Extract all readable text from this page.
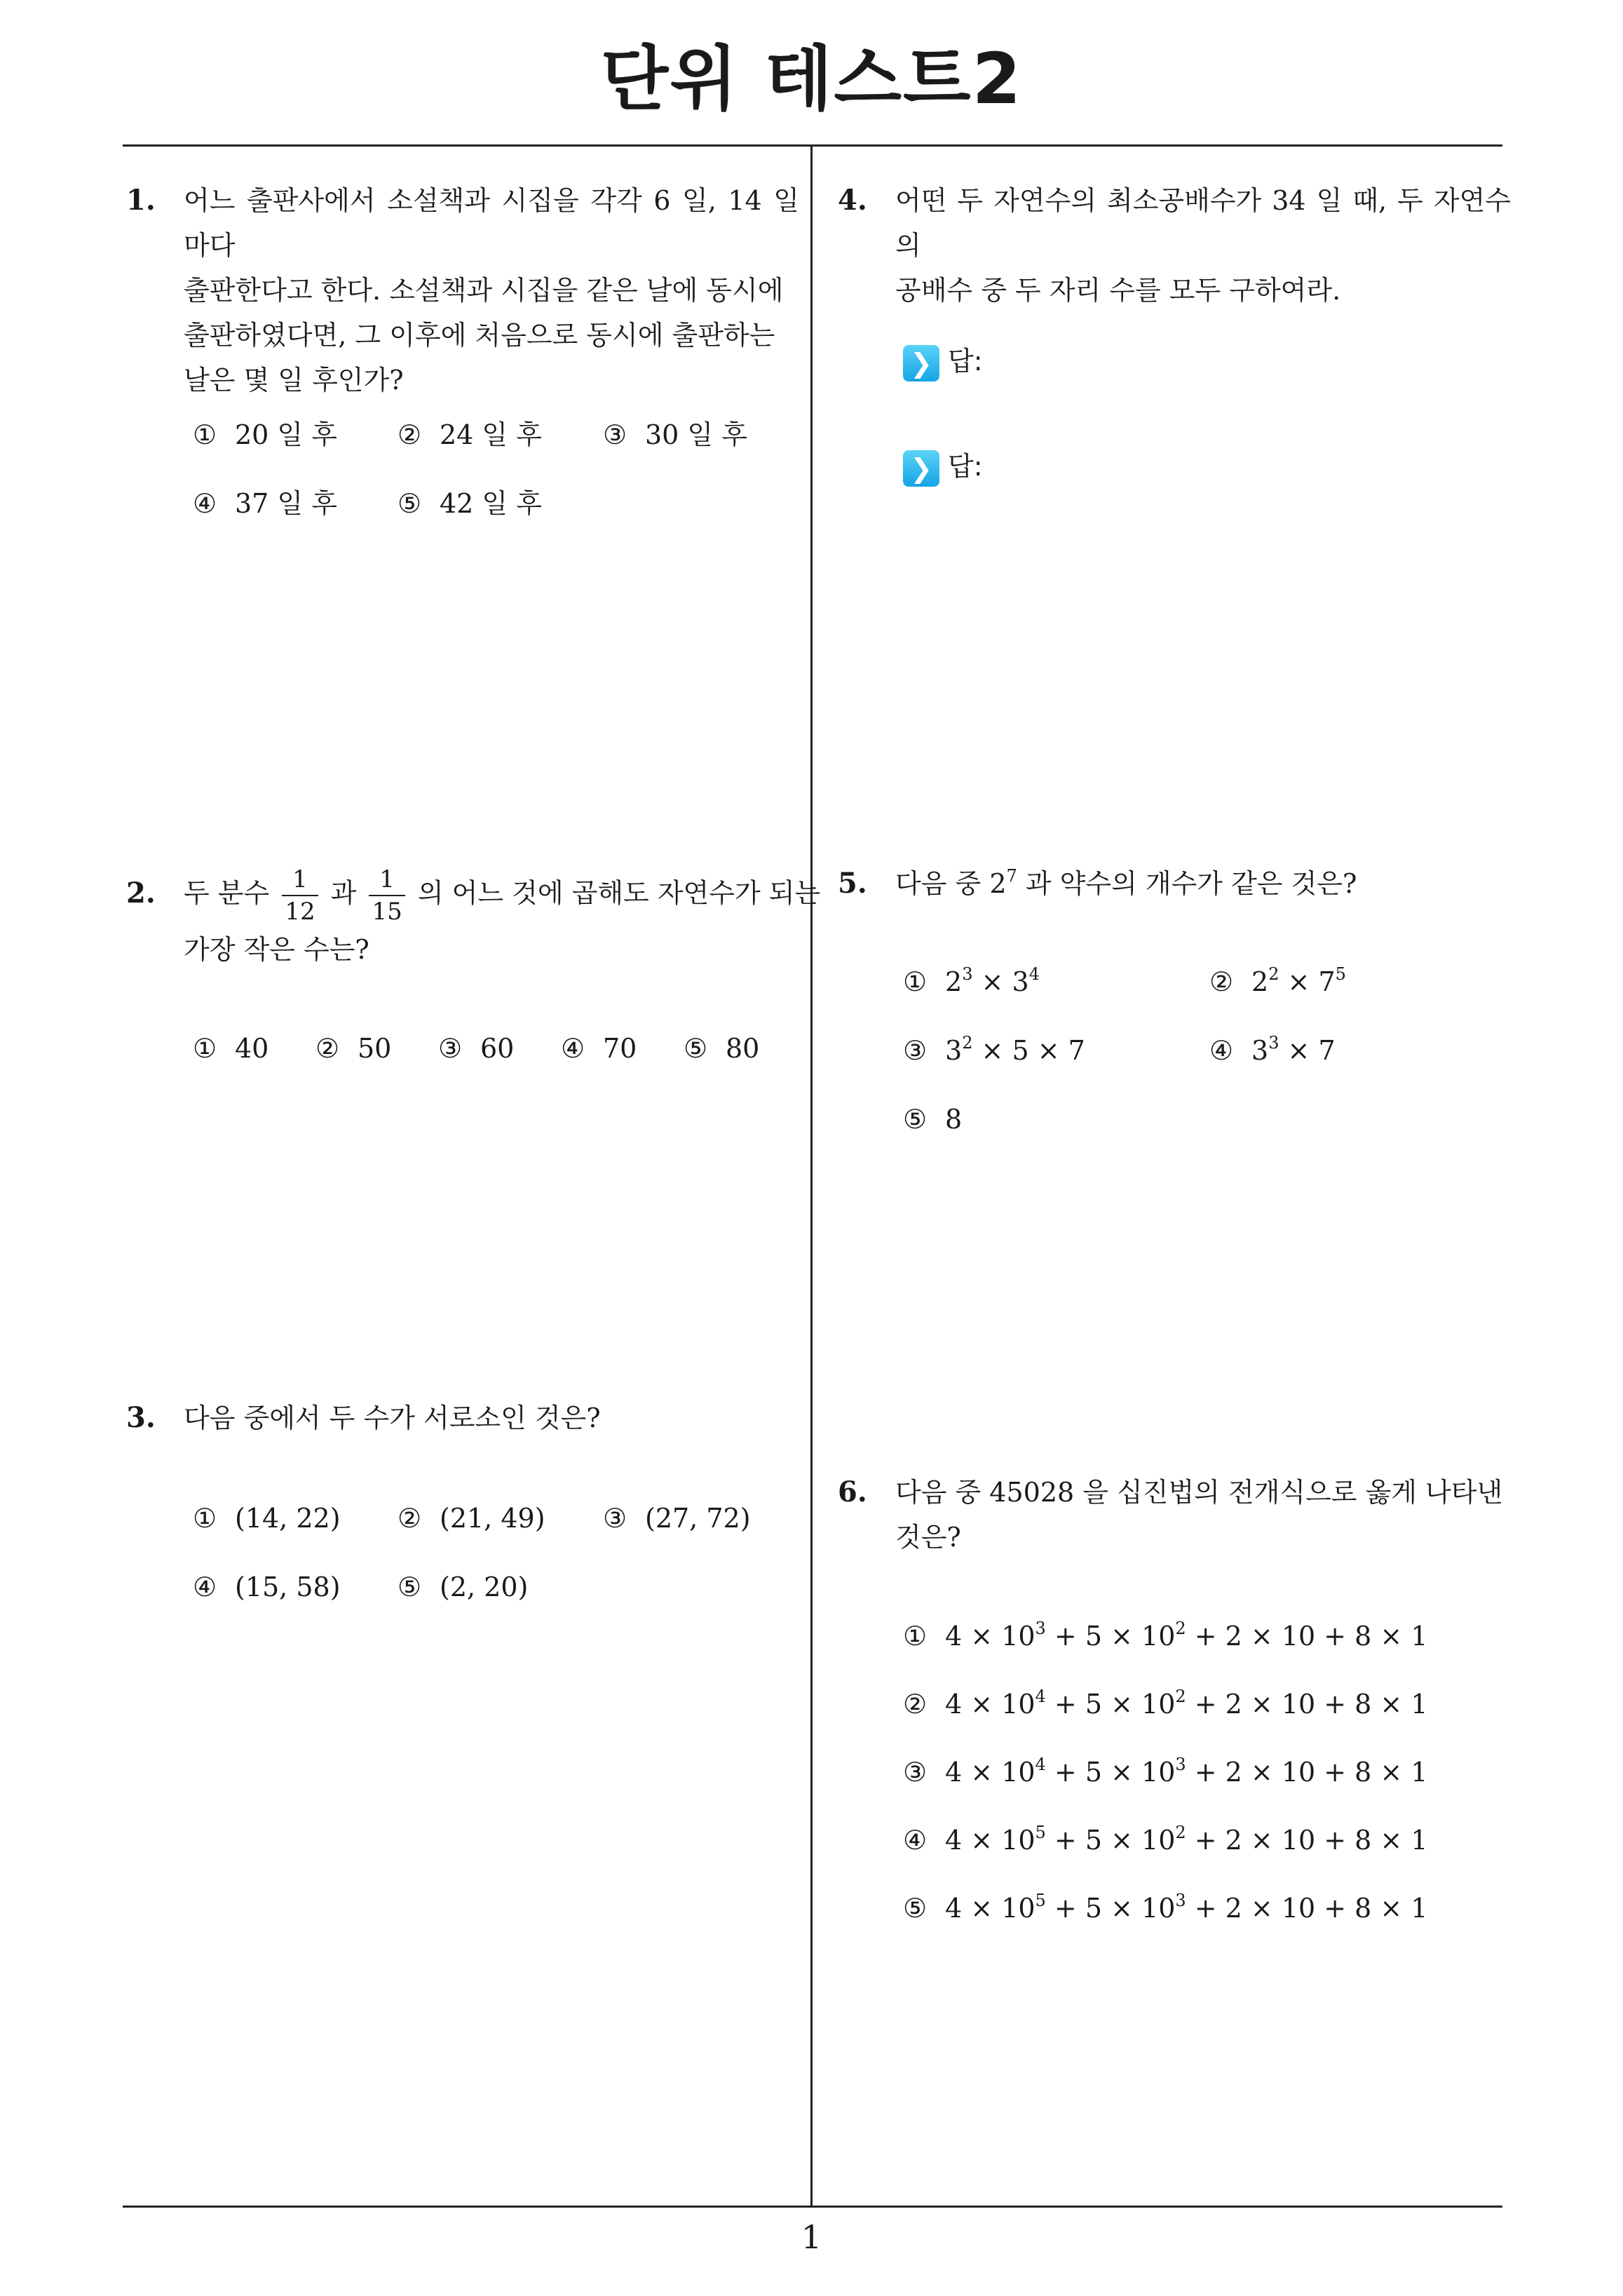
단위 테스트2
1
1. 어느 출판사에서 소설책과 시집을 각각 6 일, 14 일마다
출판한다고 한다. 소설책과 시집을 같은 날에 동시에
출판하였다면, 그 이후에 처음으로 동시에 출판하는
날은 몇 일 후인가?
① 20 일 후 ② 24 일 후 ③ 30 일 후
④ 37 일 후 ⑤ 42 일 후
2. 두 분수 $\frac{1}{12}$ 과 $\frac{1}{15}$ 의 어느 것에 곱해도 자연수가 되는
가장 작은 수는?
① 40 ② 50 ③ 60 ④ 70 ⑤ 80
3. 다음 중에서 두 수가 서로소인 것은?
① (14, 22) ② (21, 49) ③ (27, 72)
④ (15, 58) ⑤ (2, 20)
4. 어떤 두 자연수의 최소공배수가 34 일 때, 두 자연수의
공배수 중 두 자리 수를 모두 구하여라.
❯ 답:
❯ 답:
5. 다음 중 $2^7$ 과 약수의 개수가 같은 것은?
① $2^3 \times 3^4$	② $2^2 \times 7^5$
③ $3^2 \times 5 \times 7$	④ $3^3 \times 7$
⑤ 8
6. 다음 중 45028 을 십진법의 전개식으로 옳게 나타낸
것은?
① $4 \times 10^3 + 5 \times 10^2 + 2 \times 10 + 8 \times 1$
② $4 \times 10^4 + 5 \times 10^2 + 2 \times 10 + 8 \times 1$
③ $4 \times 10^4 + 5 \times 10^3 + 2 \times 10 + 8 \times 1$
④ $4 \times 10^5 + 5 \times 10^2 + 2 \times 10 + 8 \times 1$
⑤ $4 \times 10^5 + 5 \times 10^3 + 2 \times 10 + 8 \times 1$
